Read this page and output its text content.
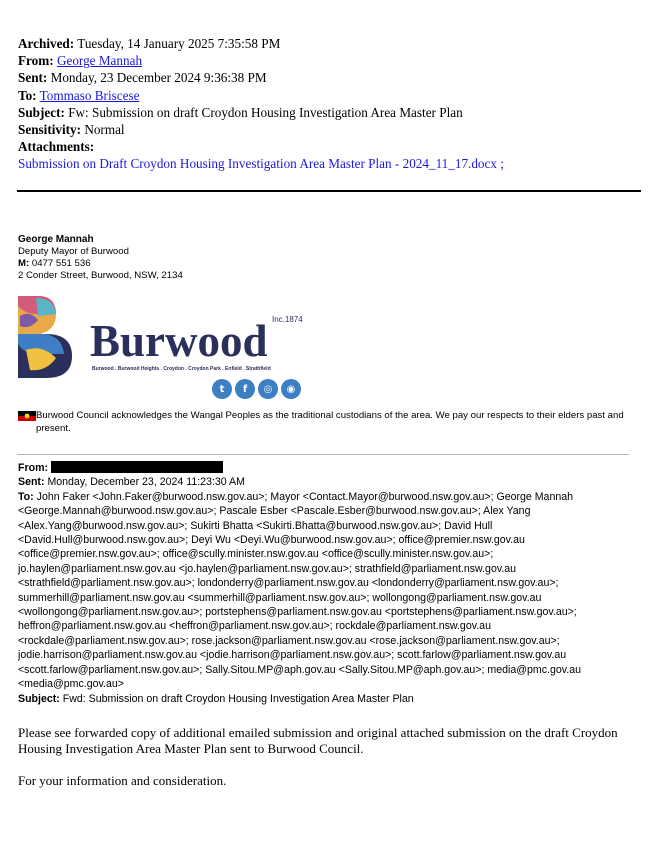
Archived: Tuesday, 14 January 2025 7:35:58 PM
From: George Mannah
Sent: Monday, 23 December 2024 9:36:38 PM
To: Tommaso Briscese
Subject: Fw: Submission on draft Croydon Housing Investigation Area Master Plan
Sensitivity: Normal
Attachments:
Submission on Draft Croydon Housing Investigation Area Master Plan - 2024_11_17.docx ;
George Mannah
Deputy Mayor of Burwood
M: 0477 551 536
2 Conder Street, Burwood, NSW, 2134
Inc.1874
Burwood
Burwood . Burwood Heights . Croydon . Croydon Park . Enfield . Strathfield
t	f	◎	◉
Burwood Council acknowledges the Wangal Peoples as the traditional custodians of the area. We pay our respects to their elders past and present.
From:
Sent: Monday, December 23, 2024 11:23:30 AM
To: John Faker <John.Faker@burwood.nsw.gov.au>; Mayor <Contact.Mayor@burwood.nsw.gov.au>; George Mannah <George.Mannah@burwood.nsw.gov.au>; Pascale Esber <Pascale.Esber@burwood.nsw.gov.au>; Alex Yang <Alex.Yang@burwood.nsw.gov.au>; Sukirti Bhatta <Sukirti.Bhatta@burwood.nsw.gov.au>; David Hull <David.Hull@burwood.nsw.gov.au>; Deyi Wu <Deyi.Wu@burwood.nsw.gov.au>; office@premier.nsw.gov.au <office@premier.nsw.gov.au>; office@scully.minister.nsw.gov.au <office@scully.minister.nsw.gov.au>; jo.haylen@parliament.nsw.gov.au <jo.haylen@parliament.nsw.gov.au>; strathfield@parliament.nsw.gov.au <strathfield@parliament.nsw.gov.au>; londonderry@parliament.nsw.gov.au <londonderry@parliament.nsw.gov.au>; summerhill@parliament.nsw.gov.au <summerhill@parliament.nsw.gov.au>; wollongong@parliament.nsw.gov.au <wollongong@parliament.nsw.gov.au>; portstephens@parliament.nsw.gov.au <portstephens@parliament.nsw.gov.au>; heffron@parliament.nsw.gov.au <heffron@parliament.nsw.gov.au>; rockdale@parliament.nsw.gov.au <rockdale@parliament.nsw.gov.au>; rose.jackson@parliament.nsw.gov.au <rose.jackson@parliament.nsw.gov.au>; jodie.harrison@parliament.nsw.gov.au <jodie.harrison@parliament.nsw.gov.au>; scott.farlow@parliament.nsw.gov.au <scott.farlow@parliament.nsw.gov.au>; Sally.Sitou.MP@aph.gov.au <Sally.Sitou.MP@aph.gov.au>; media@pmc.gov.au <media@pmc.gov.au>
Subject: Fwd: Submission on draft Croydon Housing Investigation Area Master Plan
Please see forwarded copy of additional emailed submission and original attached submission on the draft Croydon Housing Investigation Area Master Plan sent to Burwood Council.
For your information and consideration.
